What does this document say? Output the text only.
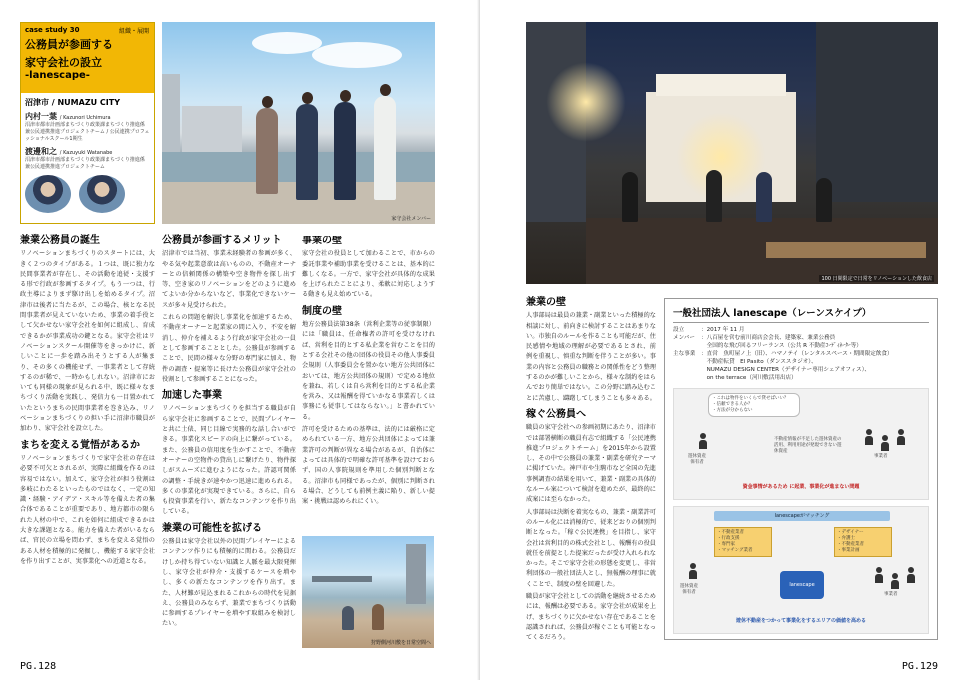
case study 30	組織・展開
公務員が参画する
家守会社の設立
-lanescape-
沼津市 / NUMAZU CITY
内村一葉 / Kazunori Uchimura
沼津市都市計画部まちづくり政策課まちづくり推進係 兼公民連携推進プロジェクトチーム / 公民連携プロフェッショナルスクール1期生
渡邊和之 / Kazuyuki Watanabe
沼津市都市計画部まちづくり政策課まちづくり推進係 兼公民連携推進プロジェクトチーム
家守会社メンバー
兼業公務員の誕生
リノベーションまちづくりのスタートには、大きく２つのタイプがある。１つは、既に独力な民間事業者が存在し、その活動を追従・支援する形で行政が参画するタイプ。もう一つは、行政主導によりまず駆け出しを始めるタイプ。沼津市は後者に当たるが、この場合、核となる民間事業者が見えていないため、事業の着手役として欠かせない家守会社を如何に組成し、育成できるかが事業成功の鍵となる。家守会社はリノベーションスクール開催等をきっかけに、新しいことに一歩を踏み出そうとする人が集まり、その多くの機能せず、一事業者として存続するのが稀で、一時かもしれない。沼津市においても同様の現象が見られる中、既に様々なまちづくり活動を実践し、発信力も一目置かれていたというまちの民間事業者を巻き込み、リノベーションまちづくりの担い手に沼津市職員が加わり、家守会社を設立した。
まちを変える覚悟があるか
リノベーションまちづくりで家守会社の存在は必要不可欠とされるが、実際に組織を作るのは容易ではない。加えて、家守会社が担う役割は多岐にわたるといったものではなく、一定の知識・経験・アイデア・スキル等を備えた者の集合体であることが重要であり、地方都市の限られた人材の中で、これを如何に組成できるかは大きな課題となる。能力を備えた者がいるならば、官民の立場を問わず、まちを変える覚悟のある人材を積極的に発掘し、機能する家守会社を作り出すことが、実事業化への近道となる。
公務員が参画するメリット
沼津市では当初、事業未経験者の参画が多く、やる気や起業意欲は高いものの、不動産オーナーとの信頼関係の構築や空き物件を探し出す等、空き家のリノベーションをどのように進めてよいか分からないなど、事業化できないケースが多々見受けられた。
これらの問題を解決し事業化を加速するため、不動産オーナーと起業家の間に入り、不安を解消し、仲介を補えるよう行政が家守会社の一員として参画することとした。公務員が参画することで、民間の様々な分野の専門家に加え、物件の調査・提案等に長けた公務員が家守会社の役割として参画することになった。
加速した事業
リノベーションまちづくりを担当する職員が自ら家守会社に参画することで、民間プレイヤーと共に土俵、同じ目線で実務的な話し合いができる。事業化スピードの向上に繋がっている。また、公務員の信用度を生かすことで、不動産オーナーの空物件の貸出しに繋げたり、物件探しがスムーズに進むようになった。許認可関係の調整・手続きが速やかつ迅速に進められる。多くの事業化が実現できている。さらに、自らも投資事業を行い、新たなコンテンツを作り出している。
兼業の可能性を拡げる
公務員は家守会社以外の民間プレイヤーによるコンテンツ作りにも積極的に関わる。公務員だけしか持ち得ていない知識と人脈を最大限発揮し、家守会社が仲介・支援するケースを増やし、多くの新たなコンテンツを作り出す。また、人材難が見込まれるこれからの時代を見据え、公務員のみならず、兼業でまちづくり活動に参画するプレイヤーを増やす取組みを検討したい。
事業の壁
家守会社の役員として加わることで、市からの委託事業や補助事業を受けることは、基本的に難しくなる。一方で、家守会社が具体的な成果を上げられたことにより、柔軟に対応しようする動きも見え始めている。
制度の壁
地方公務員法第38条（営利企業等の従事制限）には「職員は、任命権者の許可を受けなければ、営利を目的とする私企業を営むことを目的とする会社その他の団体の役員その他人事委員会規則（人事委員会を置かない地方公共団体においては、地方公共団体の規則）で定める地位を兼ね、若しくは自ら営利を目的とする私企業を営み、又は報酬を得ていかなる事業若しくは事務にも従事してはならない。」と書かれている。
許可を受けるための基準は、法的には厳格に定められている一方、地方公共団体によっては兼業許可の判断が異なる場合があるが、自治体によっては具体的で明確な許可基準を設けておらず、国の人事院規則を準用した個別判断となる。沼津市も同様であったが、個別に判断される場合、どうしても前例主義に陥り、新しい提案・挑戦は認められにくい。
狩野側河川敷を日常空間へ
PG.128
100 日間限定で日常をリノベーションした飲食店
兼業の壁
人事部局は最員の兼業・副業といった積極的な相談に対し、前向きに検討することはあまりない。市独自のルールを作ることも可能だが、住民感情や地域の理解が必要であるとされ、前例を重視し、慎重な判断を伴うことが多い。事業の内容と公務員の職務との関係性をどう整理するのかが難しいことから、様々な制約をはらんでおり簡単ではない。この分野に踏み込むことに苦慮し、躊躇してしまうことも多々ある。
稼ぐ公務員へ
職員の家守会社への参画初期にあたり、沼津市では部署横断の職員有志で組織する「公民連携推進プロジェクトチーム」を2015年から設置し、その中で公務員の兼業・副業を研究テーマに掲げていた。神戸市や生駒市など全国の先進事例調査の結果を用いて、兼業・副業の具体的なルール案について検討を進めたが、最終的に成案には至らなかった。
人事部局は決断を着実なもの、兼業・副業許可のルール化には消極的で、従来どおりの個別判断となった。「稼ぐ公民連携」を目指し、家守会社は営利目的の株式会社とし、報酬有の役員就任を前提とした提案だったが受け入れられなかった。そこで家守会社の形態を変更し、非営利団体の一般社団法人とし、無報酬の理事に就くことで、制度の壁を回避した。
職員が家守会社としての活動を継続させるためには、報酬は必要である。家守会社が成果を上げ、まちづくりに欠かせない存在であることを認識されれば、公務員が稼ぐことも可能となってくるだろう。
一般社団法人 lanescape（レーンスケイプ）
設立	：2017 年 11 月
メンバー	：八百屋を営む前川商店会会長、建築家、兼業公務員
　全国的な飛び回るフリーランス（公共 R 不動産ｺｰﾃﾞｨﾈｰﾀｰ等）
主な事業	：直営　魚町屋ノ上（旧）、ハマノテイ（レンタルスペース・期間限定飲食）
　不動産転貸　El Pasito（ダンススタジオ）、
　NUMAZU DESIGN CENTER（デザイナー専用シェアオフィス）、
　on the terrace（河川敷活用出店）
・これは物件をいくらで貸せばいい？
・信頼できる人か？
・方法が分からない
遊休資産
保有者
不動産情報が不足した遊休資産の活用、利用用途が発現できない遊休資産
事業者
資金事情があるため に起業、事業化が進まない問題
lanescapeがマッチング
・不動産業者
・行政支援
・専門家
・マッチング業者
・デザイナー
・弁護士
・不動産業者
・事業計画
遊休資産
保有者
lanescape
事業者
遊休不動産をつかって事業化をするエリアの価値を高める
PG.129
